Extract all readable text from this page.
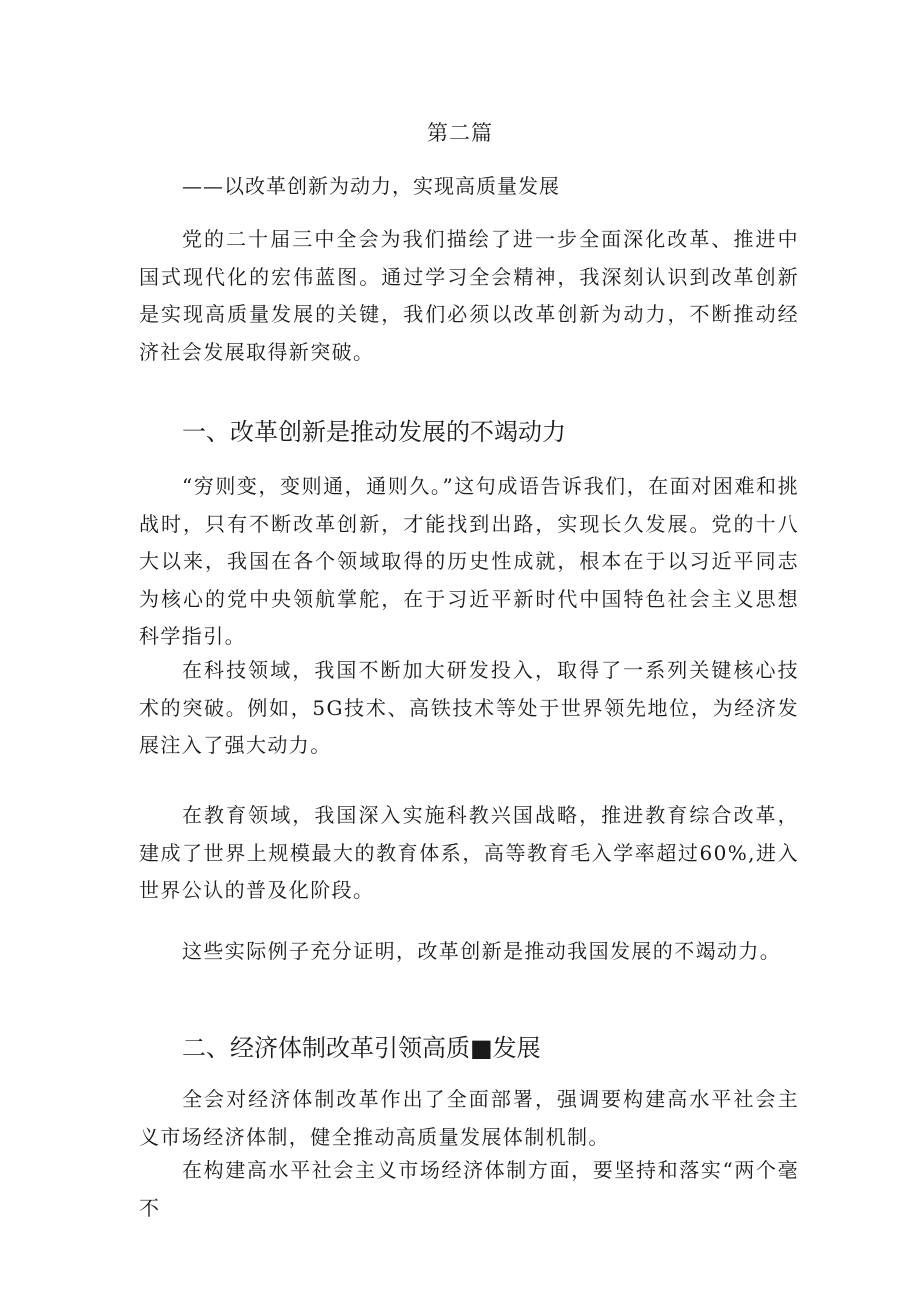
第二篇
——以改革创新为动力，实现高质量发展

党的二十届三中全会为我们描绘了进一步全面深化改革、推进中国式现代化的宏伟蓝图。通过学习全会精神，我深刻认识到改革创新是实现高质量发展的关键，我们必须以改革创新为动力，不断推动经济社会发展取得新突破。

一、改革创新是推动发展的不竭动力

“穷则变，变则通，通则久。”这句成语告诉我们，在面对困难和挑战时，只有不断改革创新，才能找到出路，实现长久发展。党的十八大以来，我国在各个领域取得的历史性成就，根本在于以习近平同志为核心的党中央领航掌舵，在于习近平新时代中国特色社会主义思想科学指引。

在科技领域，我国不断加大研发投入，取得了一系列关键核心技术的突破。例如，5G技术、高铁技术等处于世界领先地位，为经济发展注入了强大动力。

在教育领域，我国深入实施科教兴国战略，推进教育综合改革，建成了世界上规模最大的教育体系，高等教育毛入学率超过60%,进入世界公认的普及化阶段。

这些实际例子充分证明，改革创新是推动我国发展的不竭动力。

二、经济体制改革引领高质■发展

全会对经济体制改革作出了全面部署，强调要构建高水平社会主义市场经济体制，健全推动高质量发展体制机制。

在构建高水平社会主义市场经济体制方面，要坚持和落实“两个毫不
